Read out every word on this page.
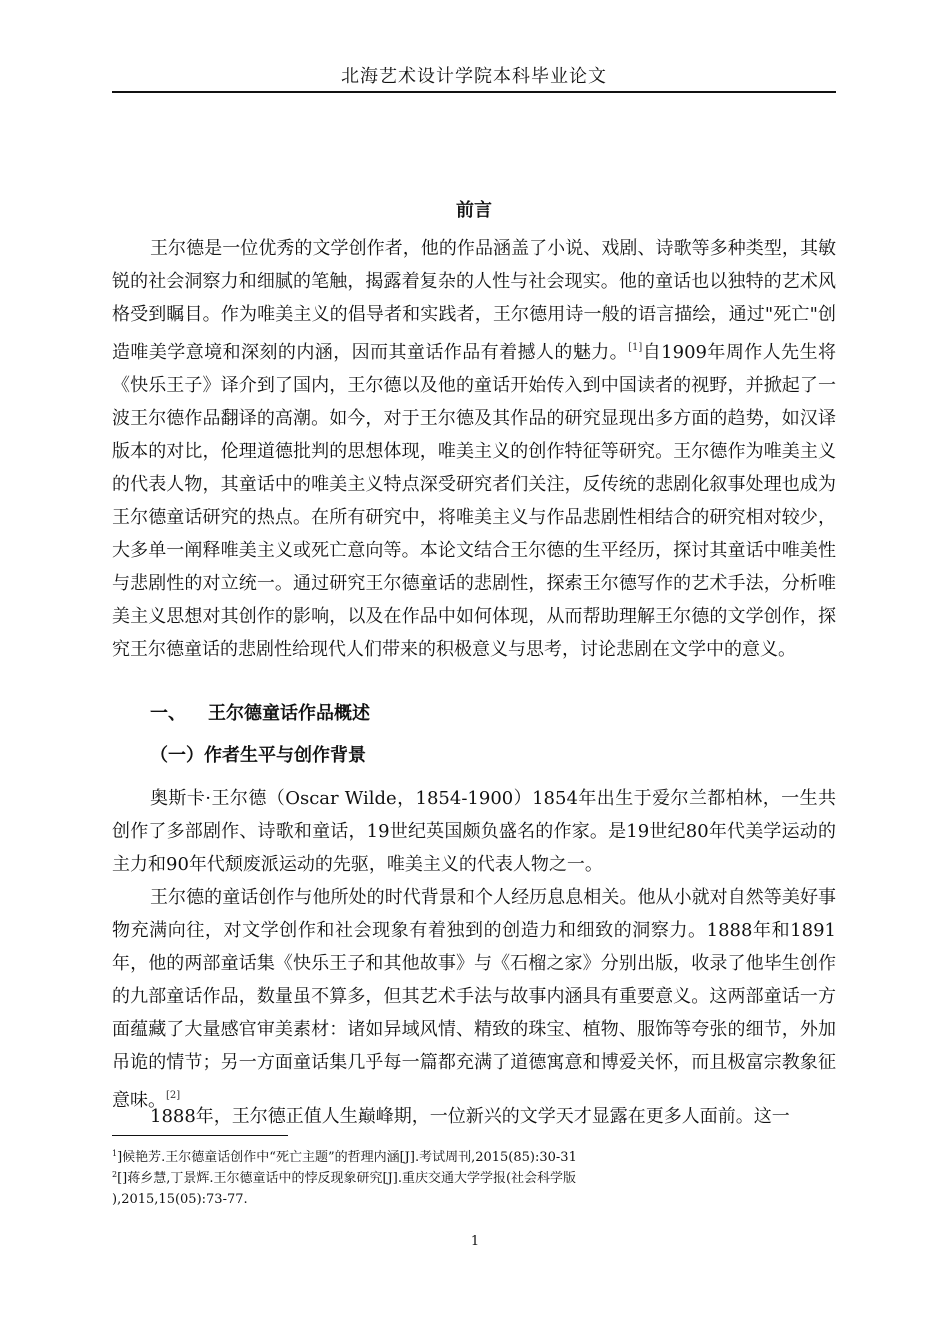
北海艺术设计学院本科毕业论文
前言

王尔德是一位优秀的文学创作者，他的作品涵盖了小说、戏剧、诗歌等多种类型，其敏锐的社会洞察力和细腻的笔触，揭露着复杂的人性与社会现实。他的童话也以独特的艺术风格受到瞩目。作为唯美主义的倡导者和实践者，王尔德用诗一般的语言描绘，通过"死亡"创造唯美学意境和深刻的内涵，因而其童话作品有着撼人的魅力。[1]自1909年周作人先生将《快乐王子》译介到了国内，王尔德以及他的童话开始传入到中国读者的视野，并掀起了一波王尔德作品翻译的高潮。如今，对于王尔德及其作品的研究显现出多方面的趋势，如汉译版本的对比，伦理道德批判的思想体现，唯美主义的创作特征等研究。王尔德作为唯美主义的代表人物，其童话中的唯美主义特点深受研究者们关注，反传统的悲剧化叙事处理也成为王尔德童话研究的热点。在所有研究中，将唯美主义与作品悲剧性相结合的研究相对较少，大多单一阐释唯美主义或死亡意向等。本论文结合王尔德的生平经历，探讨其童话中唯美性与悲剧性的对立统一。通过研究王尔德童话的悲剧性，探索王尔德写作的艺术手法，分析唯美主义思想对其创作的影响，以及在作品中如何体现，从而帮助理解王尔德的文学创作，探究王尔德童话的悲剧性给现代人们带来的积极意义与思考，讨论悲剧在文学中的意义。

一、 王尔德童话作品概述
（一）作者生平与创作背景

奥斯卡·王尔德（Oscar Wilde，1854-1900）1854年出生于爱尔兰都柏林，一生共创作了多部剧作、诗歌和童话，19世纪英国颇负盛名的作家。是19世纪80年代美学运动的主力和90年代颓废派运动的先驱，唯美主义的代表人物之一。

王尔德的童话创作与他所处的时代背景和个人经历息息相关。他从小就对自然等美好事物充满向往，对文学创作和社会现象有着独到的创造力和细致的洞察力。1888年和1891年，他的两部童话集《快乐王子和其他故事》与《石榴之家》分别出版，收录了他毕生创作的九部童话作品，数量虽不算多，但其艺术手法与故事内涵具有重要意义。这两部童话一方面蕴藏了大量感官审美素材：诸如异域风情、精致的珠宝、植物、服饰等夸张的细节，外加吊诡的情节；另一方面童话集几乎每一篇都充满了道德寓意和博爱关怀，而且极富宗教象征意味。[2]

1888年，王尔德正值人生巅峰期，一位新兴的文学天才显露在更多人面前。这一

$^1$]候艳芳.王尔德童话创作中“死亡主题”的哲理内涵[J].考试周刊,2015(85):30-31

$^2$[]蒋乡慧,丁景辉.王尔德童话中的悖反现象研究[J].重庆交通大学学报(社会科学版
),2015,15(05):73-77.

1
